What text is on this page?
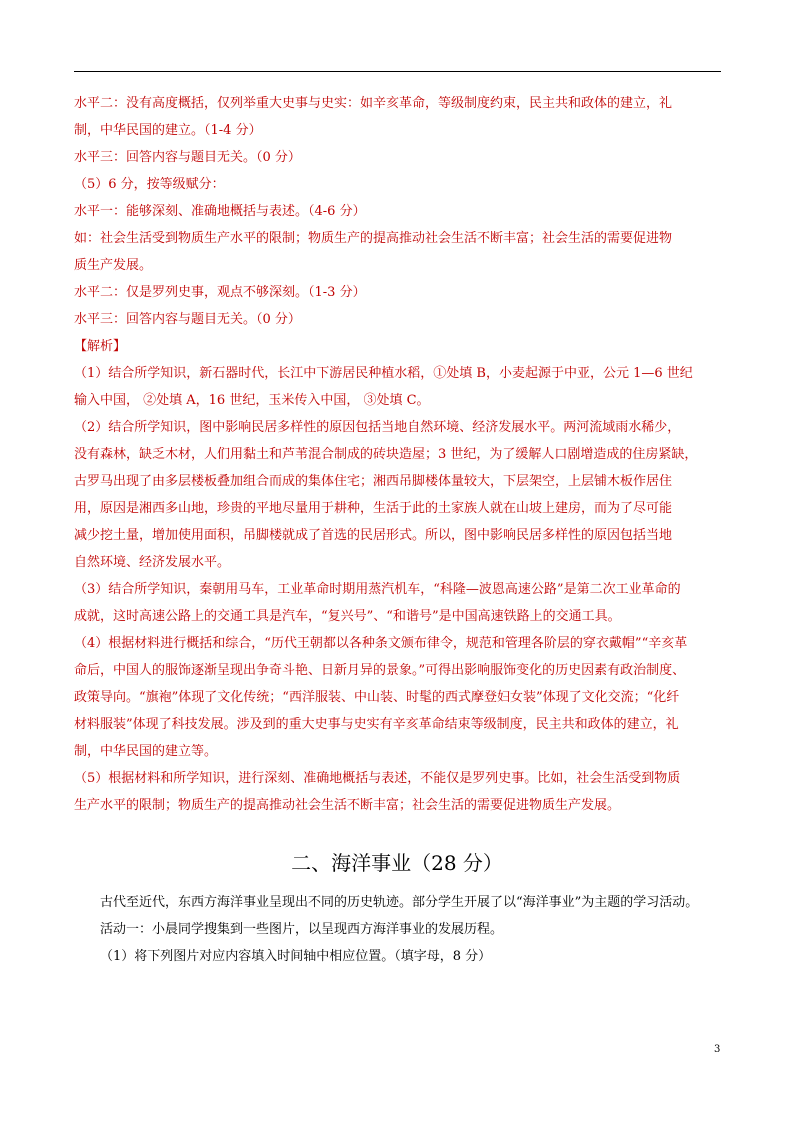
水平二：没有高度概括，仅列举重大史事与史实：如辛亥革命，等级制度约束，民主共和政体的建立，礼
制，中华民国的建立。（1-4 分）
水平三：回答内容与题目无关。（0 分）
（5）6 分，按等级赋分：
水平一：能够深刻、准确地概括与表述。（4-6 分）
如：社会生活受到物质生产水平的限制；物质生产的提高推动社会生活不断丰富；社会生活的需要促进物
质生产发展。
水平二：仅是罗列史事，观点不够深刻。（1-3 分）
水平三：回答内容与题目无关。（0 分）
【解析】
（1）结合所学知识，新石器时代，长江中下游居民种植水稻，①处填 B，小麦起源于中亚，公元 1—6 世纪
输入中国， ②处填 A，16 世纪，玉米传入中国， ③处填 C。
（2）结合所学知识，图中影响民居多样性的原因包括当地自然环境、经济发展水平。两河流域雨水稀少，
没有森林，缺乏木材，人们用黏土和芦苇混合制成的砖块造屋；3 世纪，为了缓解人口剧增造成的住房紧缺，
古罗马出现了由多层楼板叠加组合而成的集体住宅；湘西吊脚楼体量较大，下层架空，上层铺木板作居住
用，原因是湘西多山地，珍贵的平地尽量用于耕种，生活于此的土家族人就在山坡上建房，而为了尽可能
减少挖土量，增加使用面积，吊脚楼就成了首选的民居形式。所以，图中影响民居多样性的原因包括当地
自然环境、经济发展水平。
（3）结合所学知识，秦朝用马车，工业革命时期用蒸汽机车，“科隆—波恩高速公路”是第二次工业革命的
成就，这时高速公路上的交通工具是汽车，“复兴号”、“和谐号”是中国高速铁路上的交通工具。
（4）根据材料进行概括和综合，“历代王朝都以各种条文颁布律令，规范和管理各阶层的穿衣戴帽”“辛亥革
命后，中国人的服饰逐渐呈现出争奇斗艳、日新月异的景象。”可得出影响服饰变化的历史因素有政治制度、
政策导向。“旗袍”体现了文化传统；“西洋服装、中山装、时髦的西式摩登妇女装”体现了文化交流；“化纤
材料服装”体现了科技发展。涉及到的重大史事与史实有辛亥革命结束等级制度，民主共和政体的建立，礼
制，中华民国的建立等。
（5）根据材料和所学知识，进行深刻、准确地概括与表述，不能仅是罗列史事。比如，社会生活受到物质
生产水平的限制；物质生产的提高推动社会生活不断丰富；社会生活的需要促进物质生产发展。
二、海洋事业（28 分）
古代至近代，东西方海洋事业呈现出不同的历史轨迹。部分学生开展了以“海洋事业”为主题的学习活动。
活动一：小晨同学搜集到一些图片，以呈现西方海洋事业的发展历程。
（1）将下列图片对应内容填入时间轴中相应位置。（填字母，8 分）
3
